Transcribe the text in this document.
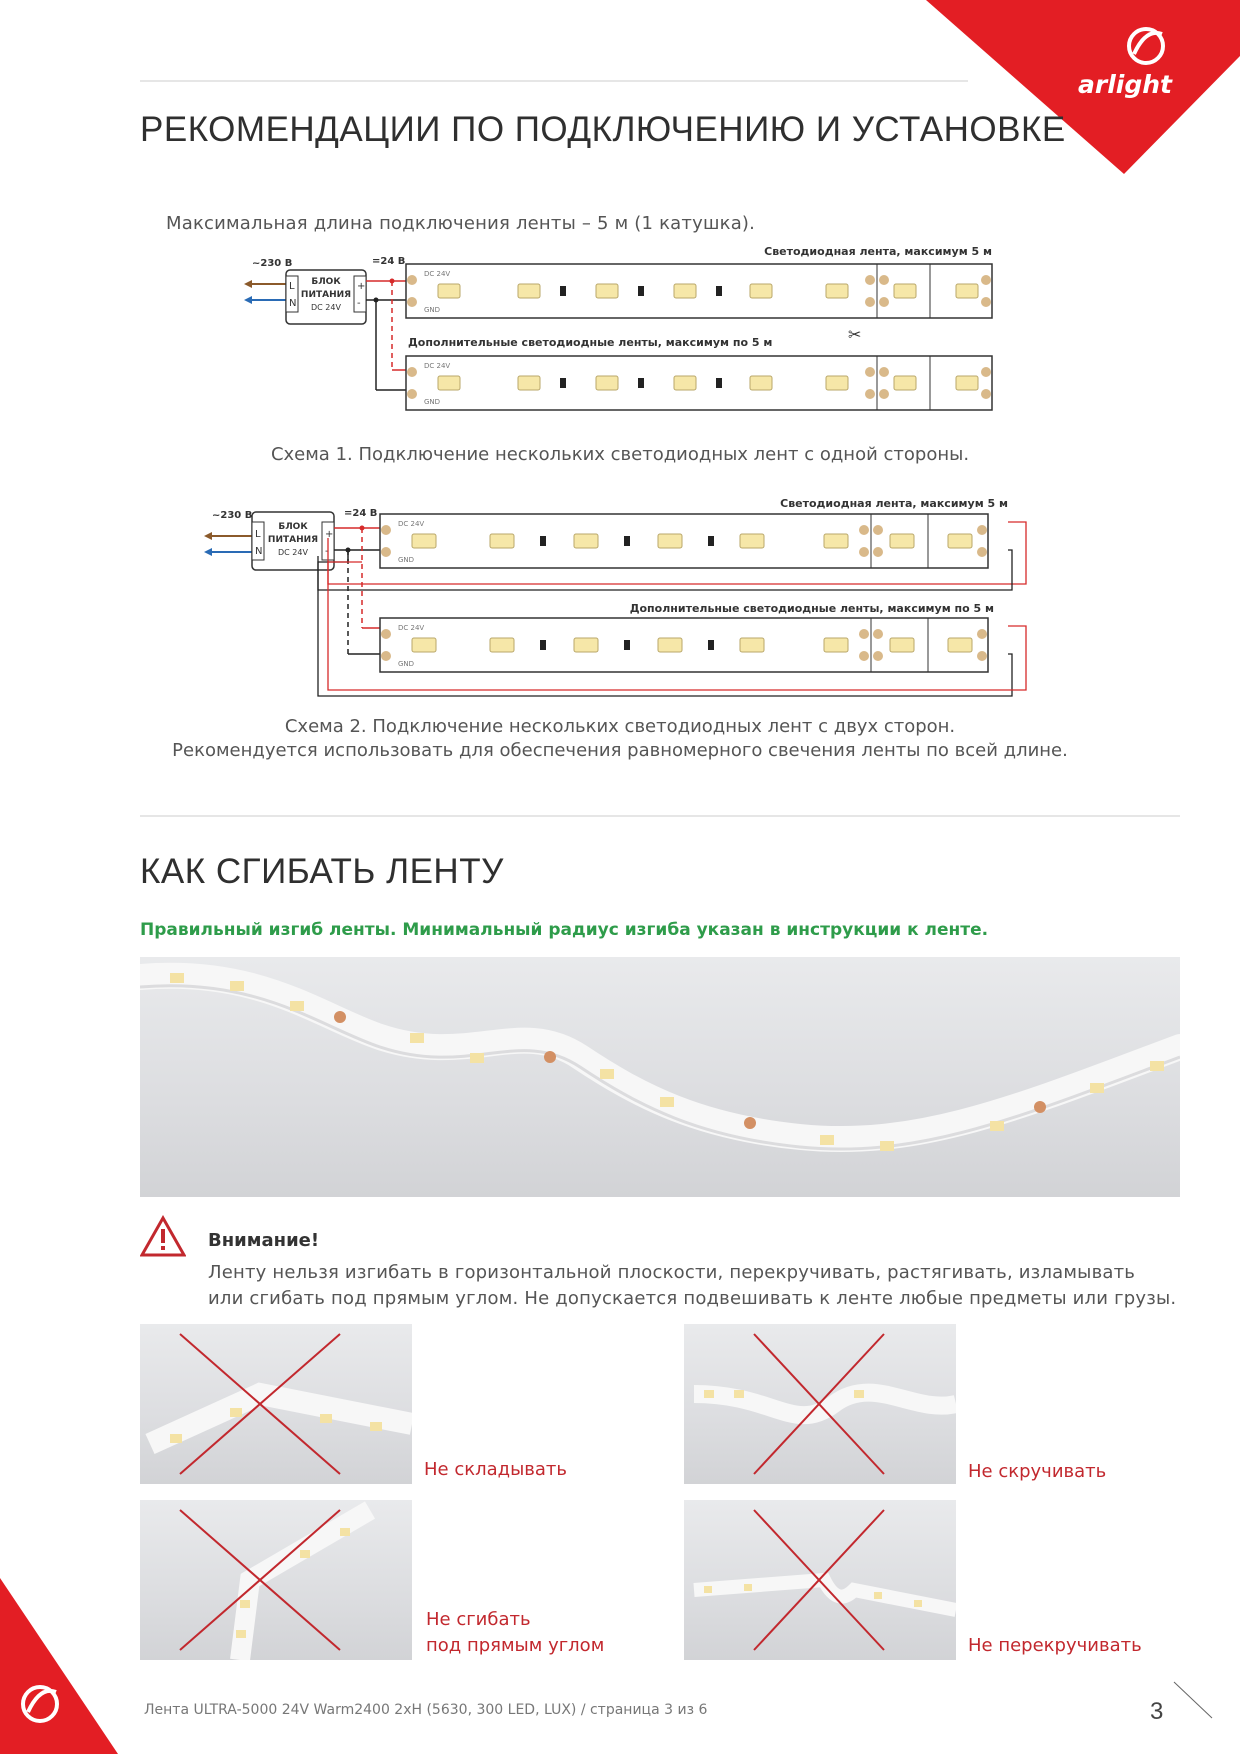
arlight
РЕКОМЕНДАЦИИ ПО ПОДКЛЮЧЕНИЮ И УСТАНОВКЕ
Максимальная длина подключения ленты – 5 м (1 катушка).
~230 В
L
N
БЛОК
ПИТАНИЯ
DC 24V
+
-
=24 В
Светодиодная лента, максимум 5 м
DC 24V
GND
✂
Дополнительные светодиодные ленты, максимум по 5 м
DC 24V
GND
Схема 1. Подключение нескольких светодиодных лент с одной стороны.
~230 В
L
N
БЛОК
ПИТАНИЯ
DC 24V
+
-
=24 В
Светодиодная лента, максимум 5 м
DC 24V
GND
Дополнительные светодиодные ленты, максимум по 5 м
DC 24V
GND
Схема 2. Подключение нескольких светодиодных лент с двух сторон.
Рекомендуется использовать для обеспечения равномерного свечения ленты по всей длине.
КАК СГИБАТЬ ЛЕНТУ
Правильный изгиб ленты. Минимальный радиус изгиба указан в инструкции к ленте.
Внимание!
Ленту нельзя изгибать в горизонтальной плоскости, перекручивать, растягивать, изламывать
или сгибать под прямым углом. Не допускается подвешивать к ленте любые предметы или грузы.
Не складывать	Не скручивать
Не сгибать
под прямым углом	Не перекручивать
Лента ULTRA-5000 24V Warm2400 2xH (5630, 300 LED, LUX) / страница 3 из 6	3
